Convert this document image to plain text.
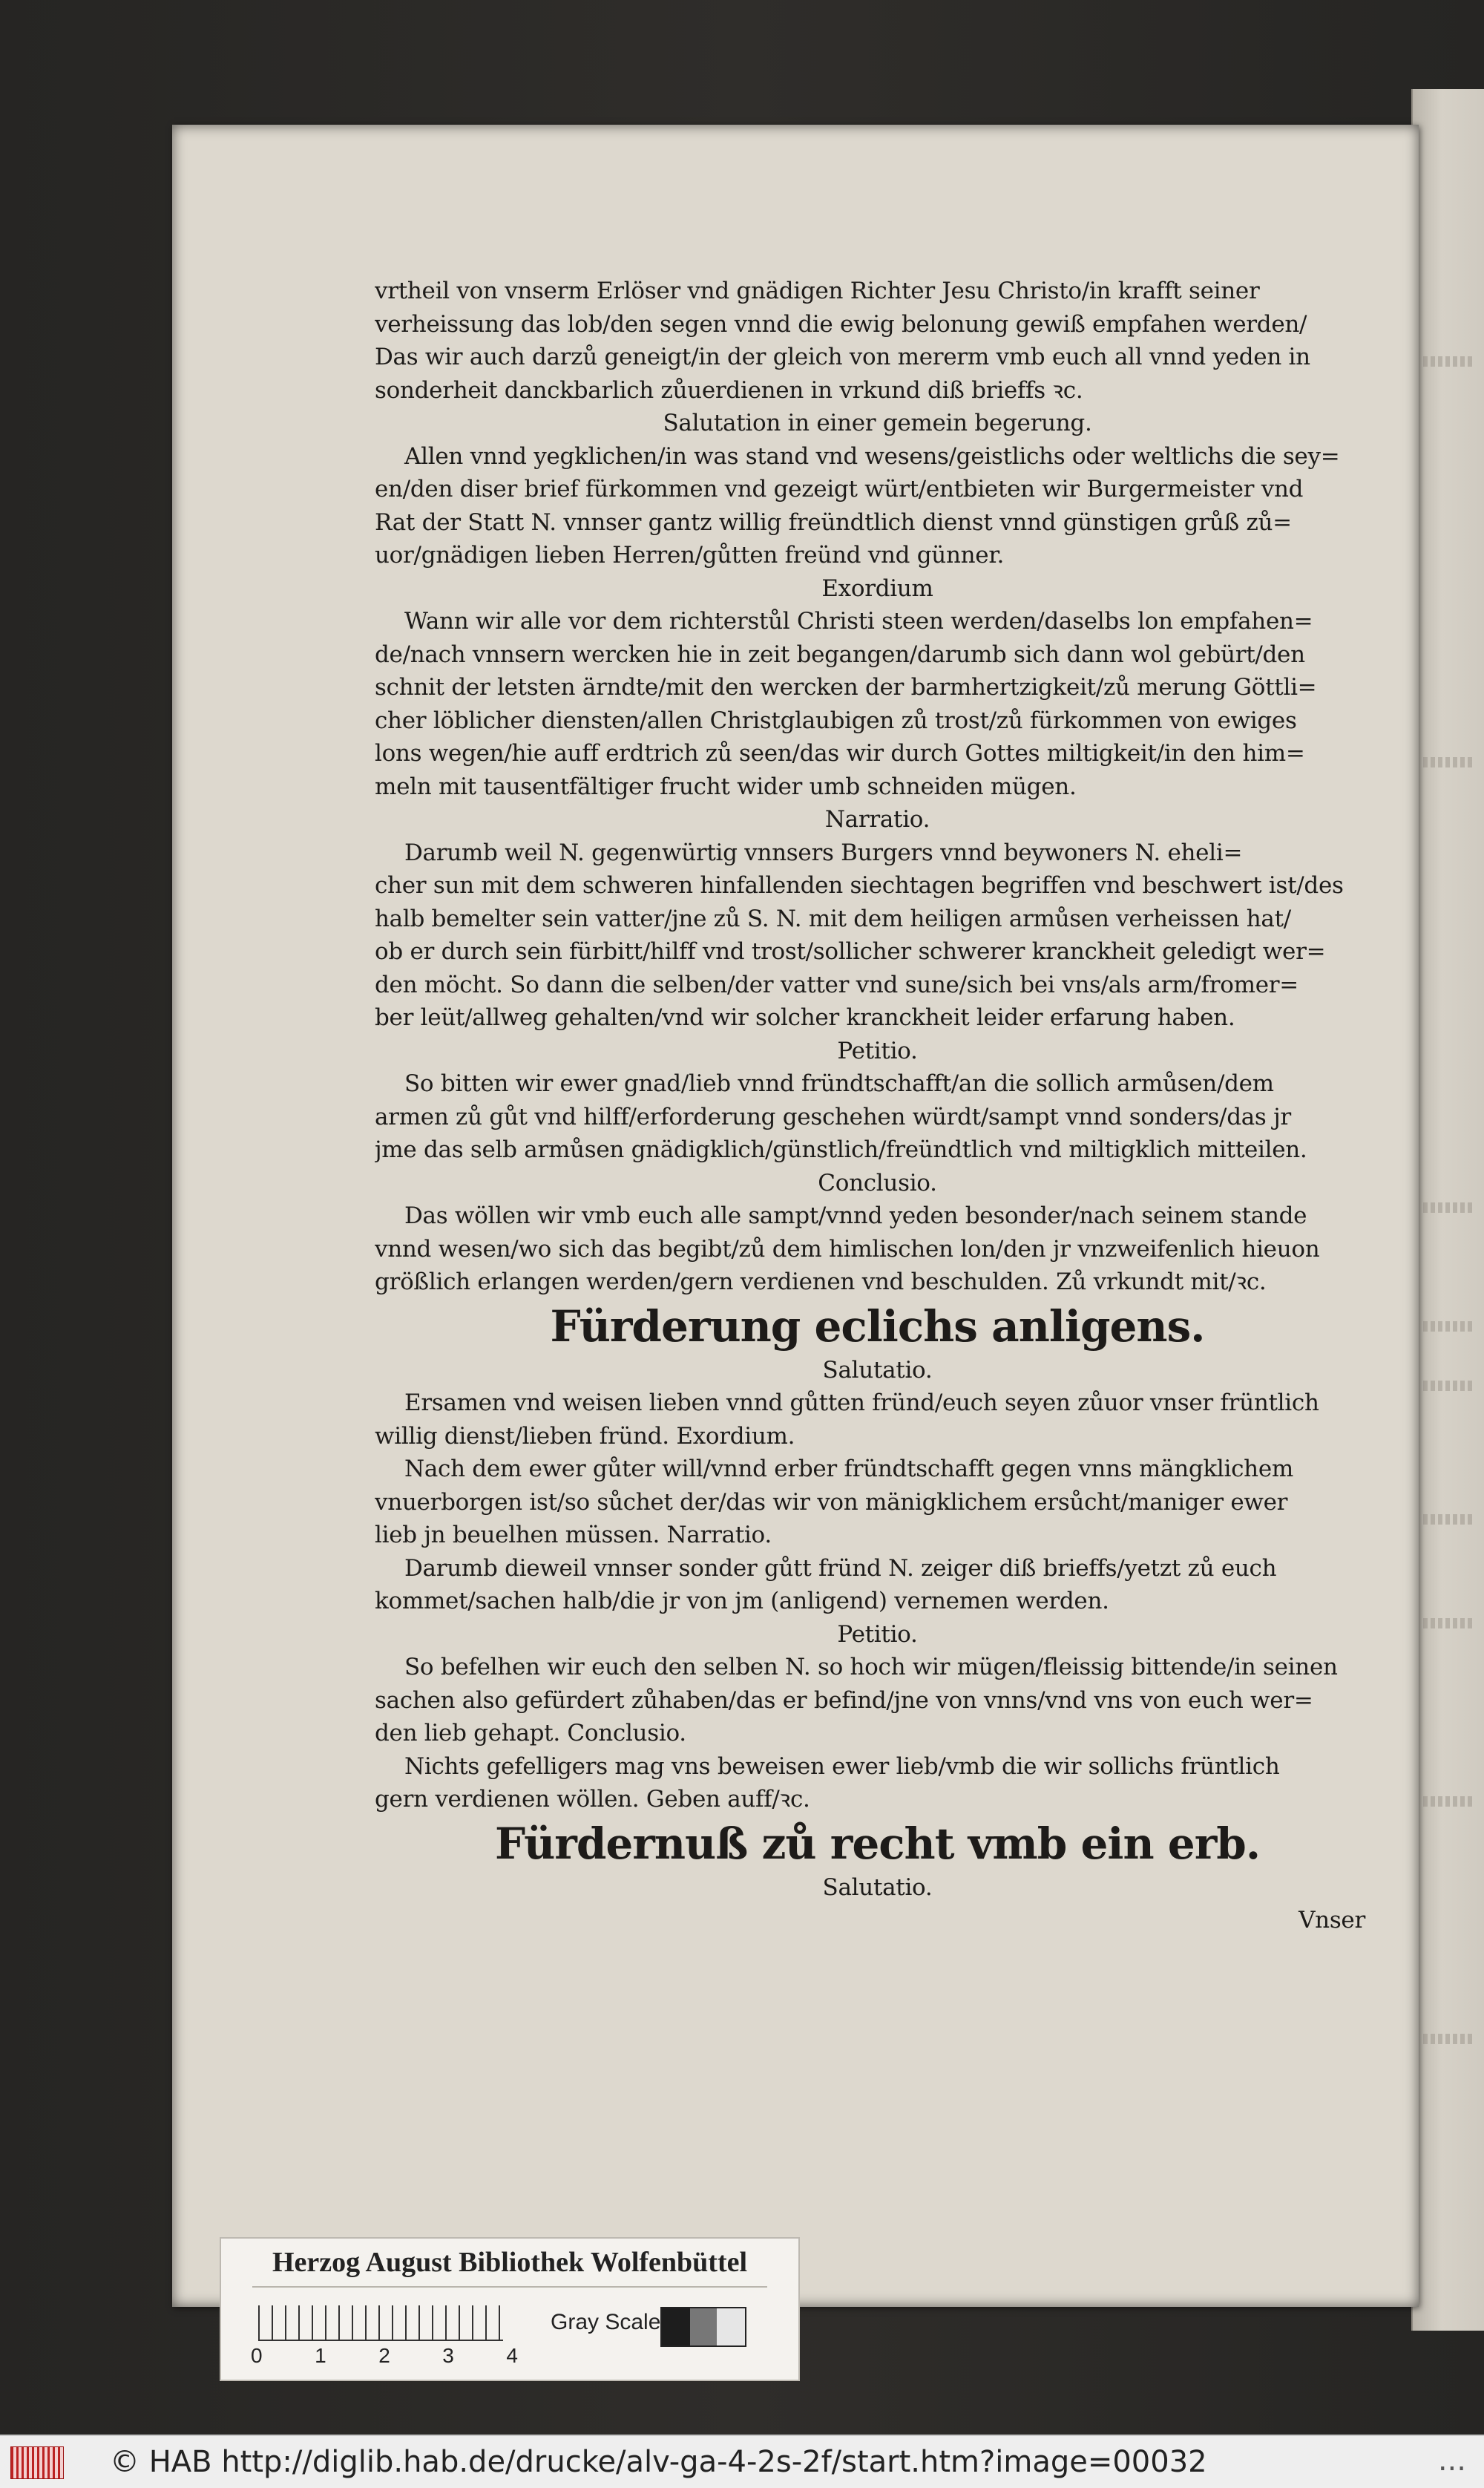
vrtheil von vnserm Erlöser vnd gnädigen Richter Jesu Christo/in krafft seiner
verheissung das lob/den segen vnnd die ewig belonung gewiß empfahen werden/
Das wir auch darzů geneigt/in der gleich von mererm vmb euch all vnnd yeden in
sonderheit danckbarlich zůuerdienen in vrkund diß brieffs ꝛc.
Salutation in einer gemein begerung.
Allen vnnd yegklichen/in was stand vnd wesens/geistlichs oder weltlichs die sey=
en/den diser brief fürkommen vnd gezeigt würt/entbieten wir Burgermeister vnd
Rat der Statt N. vnnser gantz willig freündtlich dienst vnnd günstigen grůß zů=
uor/gnädigen lieben Herren/gůtten freünd vnd günner.
Exordium
Wann wir alle vor dem richterstůl Christi steen werden/daselbs lon empfahen=
de/nach vnnsern wercken hie in zeit begangen/darumb sich dann wol gebürt/den
schnit der letsten ärndte/mit den wercken der barmhertzigkeit/zů merung Göttli=
cher löblicher diensten/allen Christglaubigen zů trost/zů fürkommen von ewiges
lons wegen/hie auff erdtrich zů seen/das wir durch Gottes miltigkeit/in den him=
meln mit tausentfältiger frucht wider umb schneiden mügen.
Narratio.
Darumb weil N. gegenwürtig vnnsers Burgers vnnd beywoners N. eheli=
cher sun mit dem schweren hinfallenden siechtagen begriffen vnd beschwert ist/des
halb bemelter sein vatter/jne zů S. N. mit dem heiligen armůsen verheissen hat/
ob er durch sein fürbitt/hilff vnd trost/sollicher schwerer kranckheit geledigt wer=
den möcht. So dann die selben/der vatter vnd sune/sich bei vns/als arm/fromer=
ber leüt/allweg gehalten/vnd wir solcher kranckheit leider erfarung haben.
Petitio.
So bitten wir ewer gnad/lieb vnnd fründtschafft/an die sollich armůsen/dem
armen zů gůt vnd hilff/erforderung geschehen würdt/sampt vnnd sonders/das jr
jme das selb armůsen gnädigklich/günstlich/freündtlich vnd miltigklich mitteilen.
Conclusio.
Das wöllen wir vmb euch alle sampt/vnnd yeden besonder/nach seinem stande
vnnd wesen/wo sich das begibt/zů dem himlischen lon/den jr vnzweifenlich hieuon
größlich erlangen werden/gern verdienen vnd beschulden. Zů vrkundt mit/ꝛc.
Fürderung eclichs anligens.
Salutatio.
Ersamen vnd weisen lieben vnnd gůtten fründ/euch seyen zůuor vnser früntlich
willig dienst/lieben fründ. Exordium.
Nach dem ewer gůter will/vnnd erber fründtschafft gegen vnns mängklichem
vnuerborgen ist/so sůchet der/das wir von mänigklichem ersůcht/maniger ewer
lieb jn beuelhen müssen. Narratio.
Darumb dieweil vnnser sonder gůtt fründ N. zeiger diß brieffs/yetzt zů euch
kommet/sachen halb/die jr von jm (anligend) vernemen werden.
Petitio.
So befelhen wir euch den selben N. so hoch wir mügen/fleissig bittende/in seinen
sachen also gefürdert zůhaben/das er befind/jne von vnns/vnd vns von euch wer=
den lieb gehapt. Conclusio.
Nichts gefelligers mag vns beweisen ewer lieb/vmb die wir sollichs früntlich
gern verdienen wöllen. Geben auff/ꝛc.
Fürdernuß zů recht vmb ein erb.
Salutatio.
Vnser
Herzog August Bibliothek Wolfenbüttel
0	1	2	3	4
Gray Scale
© HAB http://diglib.hab.de/drucke/alv-ga-4-2s-2f/start.htm?image=00032	...
